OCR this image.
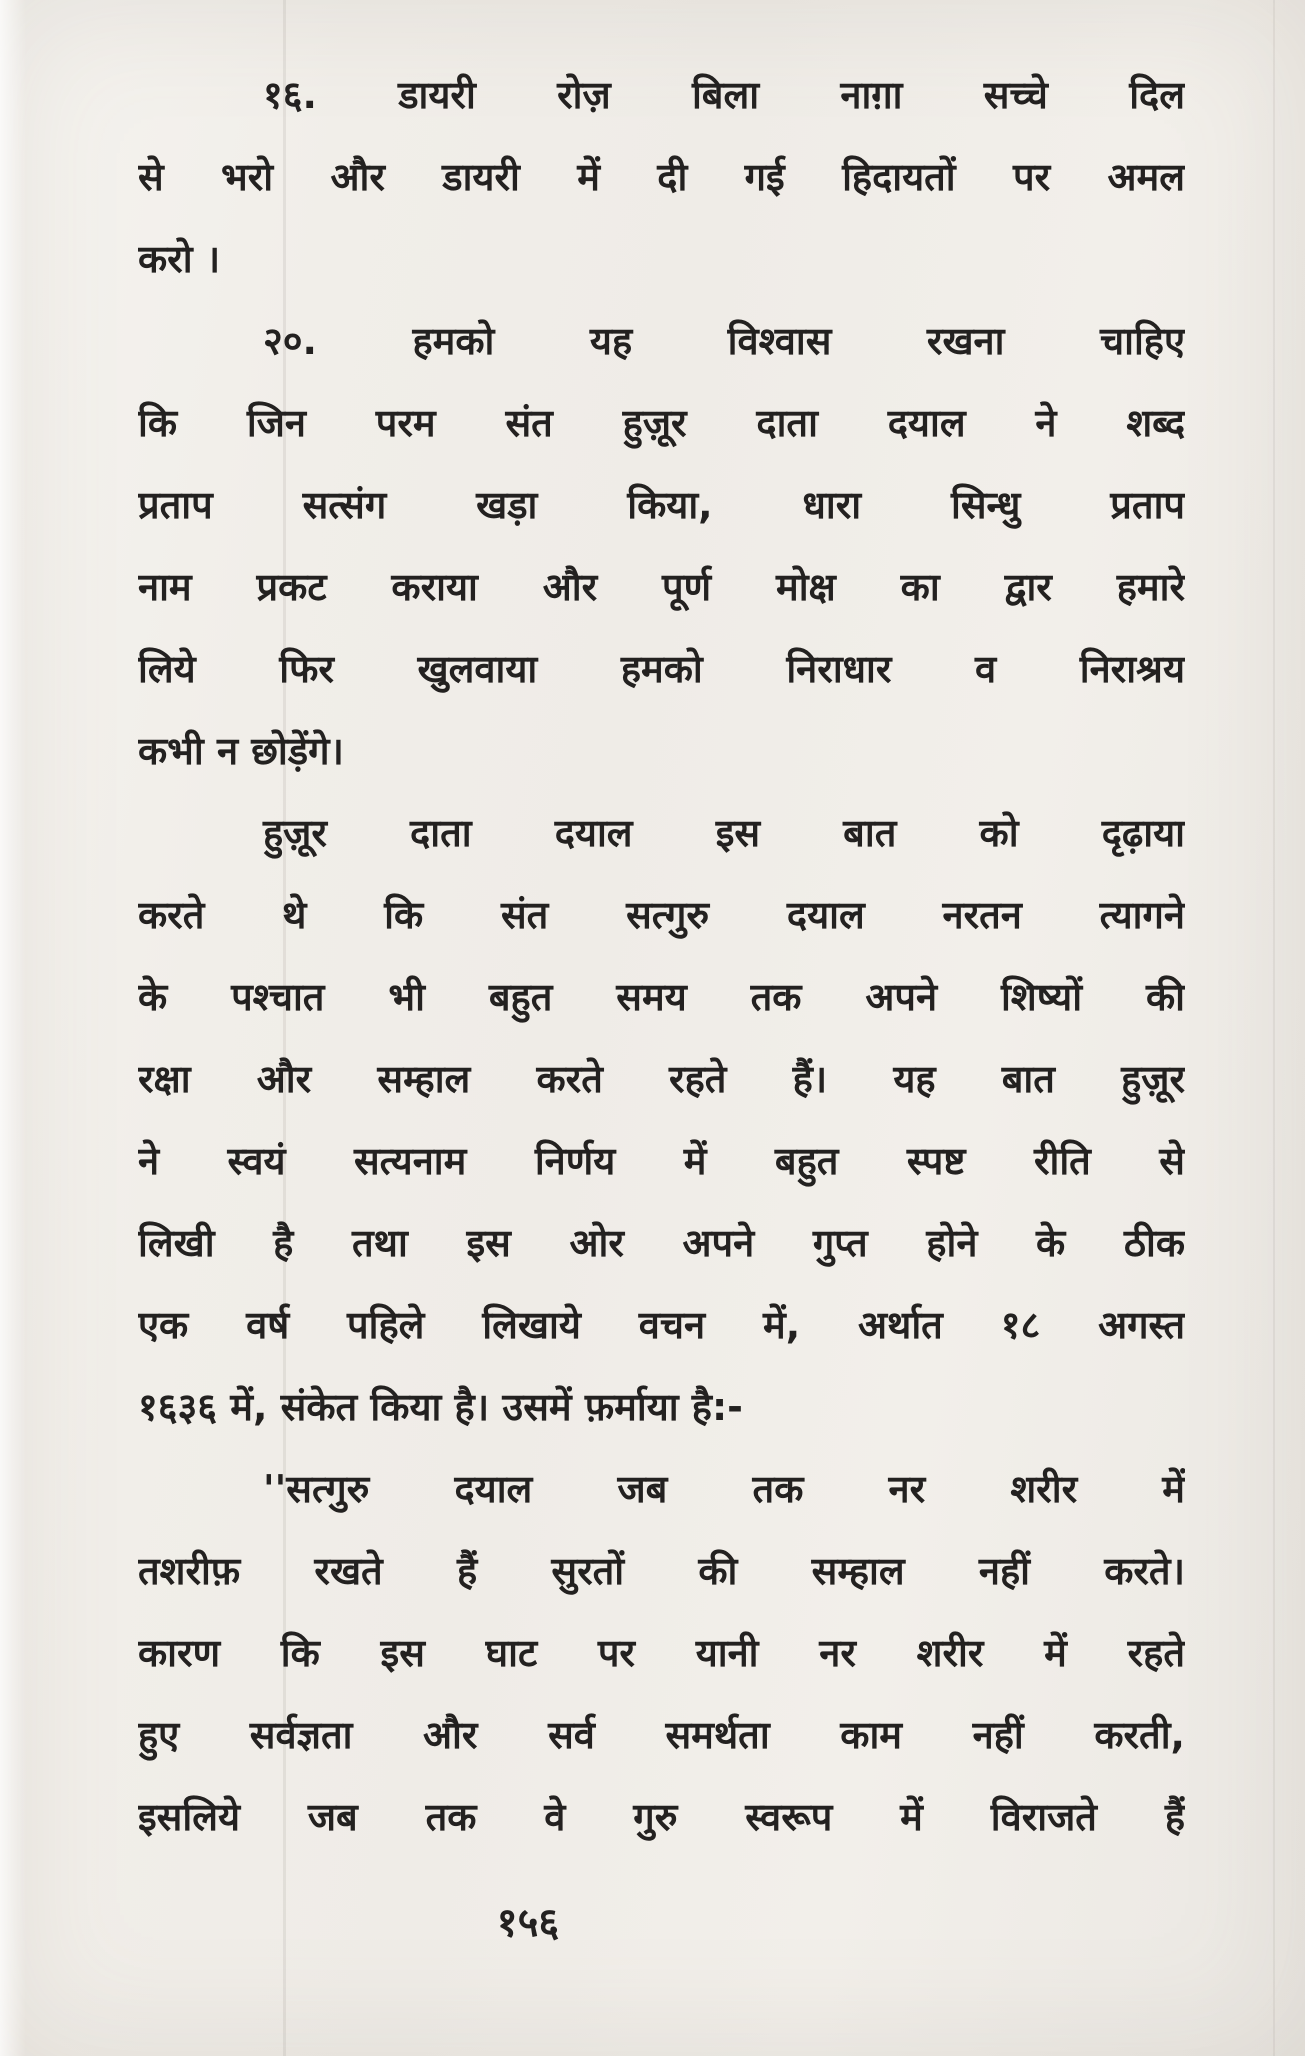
१६. डायरी रोज़ बिला नाग़ा सच्चे दिल
से भरो और डायरी में दी गई हिदायतों पर अमल
करो ।
२०. हमको यह विश्वास रखना चाहिए
कि जिन परम संत हुज़ूर दाता दयाल ने शब्द
प्रताप सत्संग खड़ा किया, धारा सिन्धु प्रताप
नाम प्रकट कराया और पूर्ण मोक्ष का द्वार हमारे
लिये फिर खुलवाया हमको निराधार व निराश्रय
कभी न छोड़ेंगे।
हुज़ूर दाता दयाल इस बात को दृढ़ाया
करते थे कि संत सत्गुरु दयाल नरतन त्यागने
के पश्चात भी बहुत समय तक अपने शिष्यों की
रक्षा और सम्हाल करते रहते हैं। यह बात हुज़ूर
ने स्वयं सत्यनाम निर्णय में बहुत स्पष्ट रीति से
लिखी है तथा इस ओर अपने गुप्त होने के ठीक
एक वर्ष पहिले लिखाये वचन में, अर्थात १८ अगस्त
१६३६ में, संकेत किया है। उसमें फ़र्माया है:-
''सत्गुरु दयाल जब तक नर शरीर में
तशरीफ़ रखते हैं सुरतों की सम्हाल नहीं करते।
कारण कि इस घाट पर यानी नर शरीर में रहते
हुए सर्वज्ञता और सर्व समर्थता काम नहीं करती,
इसलिये जब तक वे गुरु स्वरूप में विराजते हैं
१५६
